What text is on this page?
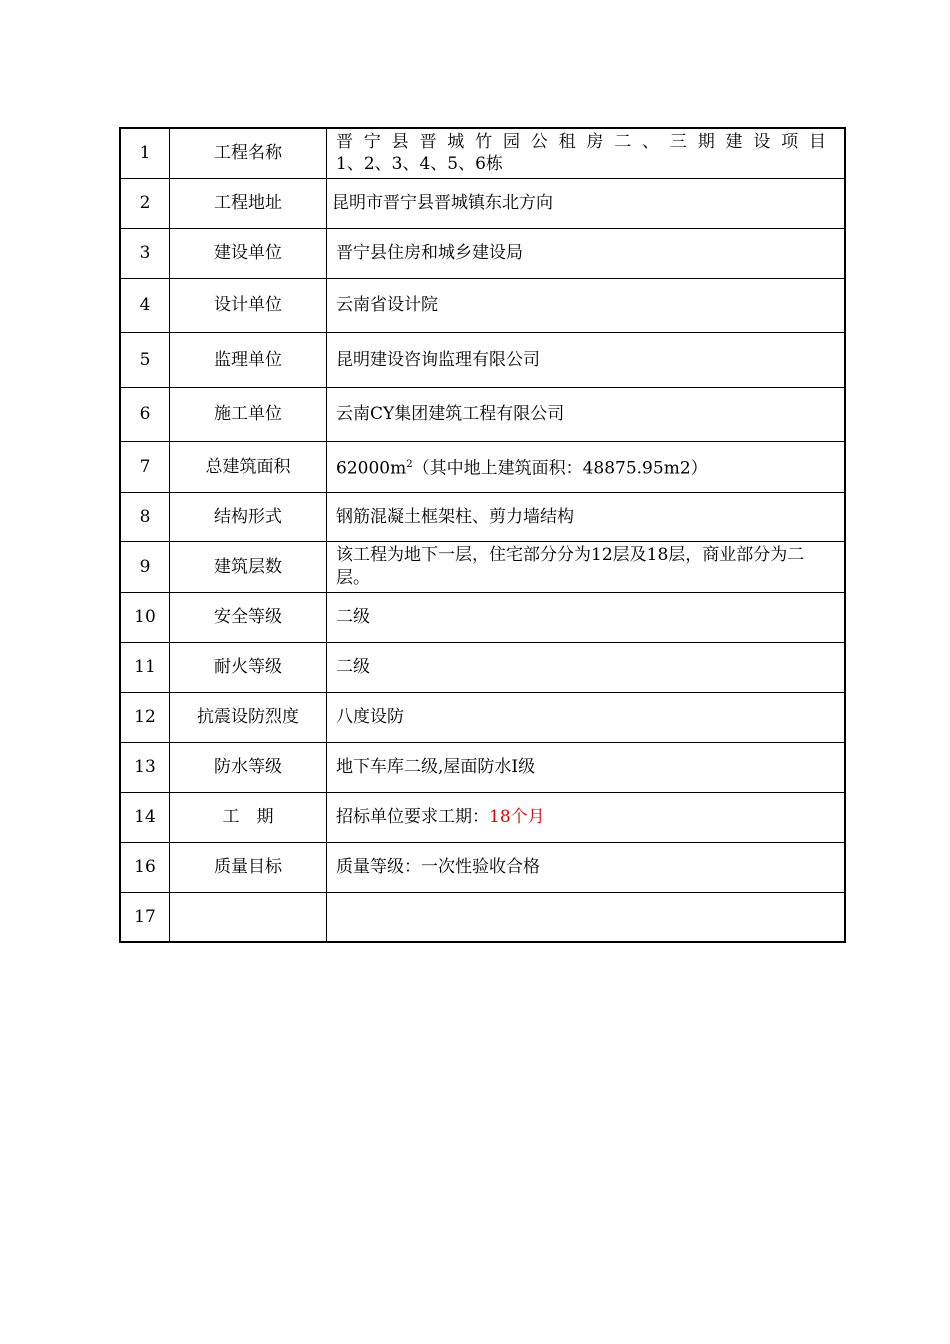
1	工程名称	晋宁县晋城竹园公租房二、三期建设项目
1、2、3、4、5、6栋

2	工程地址	昆明市晋宁县晋城镇东北方向
3	建设单位	晋宁县住房和城乡建设局
4	设计单位	云南省设计院
5	监理单位	昆明建设咨询监理有限公司
6	施工单位	云南CY集团建筑工程有限公司
7	总建筑面积	$62000m^2$（其中地上建筑面积：48875.95m2）
8	结构形式	钢筋混凝土框架柱、剪力墙结构
9	建筑层数	该工程为地下一层，住宅部分分为12层及18层，商业部分为二层。
10	安全等级	二级
11	耐火等级	二级
12	抗震设防烈度	八度设防
13	防水等级	地下车库二级,屋面防水Ⅰ级
14	工　期	招标单位要求工期：18个月
16	质量目标	质量等级：一次性验收合格
17		
